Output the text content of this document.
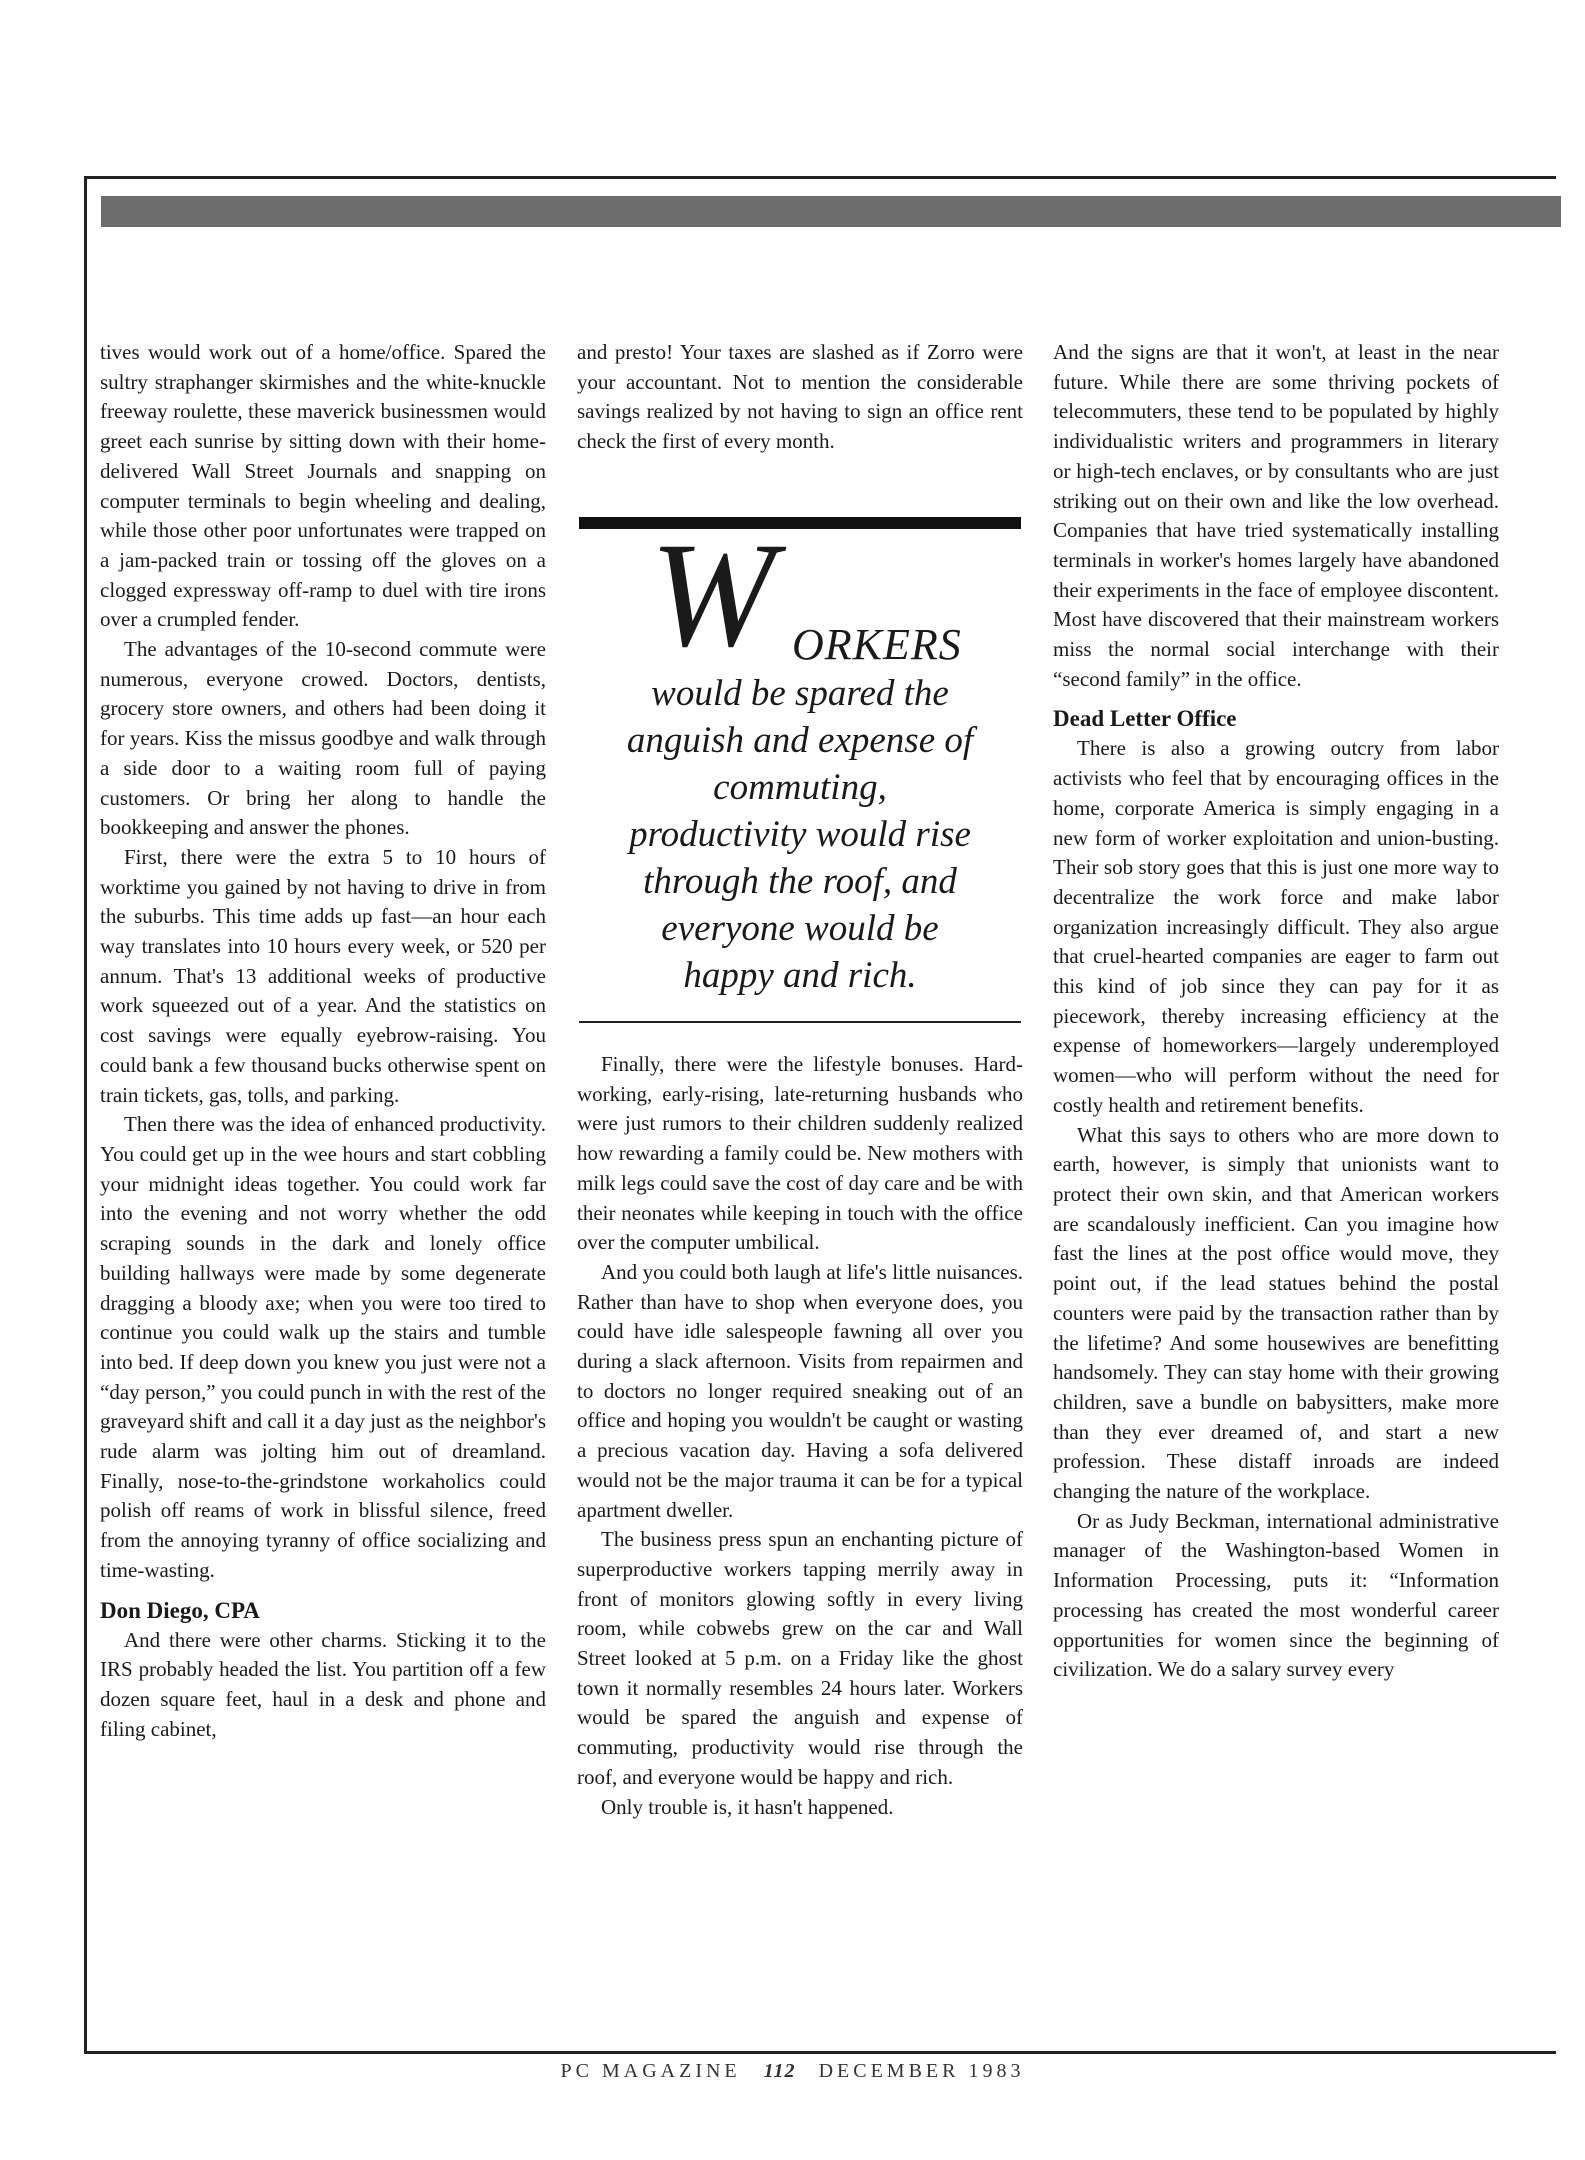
tives would work out of a home/office. Spared the sultry straphanger skirmishes and the white-knuckle freeway roulette, these maverick businessmen would greet each sunrise by sitting down with their home-delivered Wall Street Journals and snapping on computer terminals to begin wheeling and dealing, while those other poor unfortunates were trapped on a jam-packed train or tossing off the gloves on a clogged expressway off-ramp to duel with tire irons over a crumpled fender.

The advantages of the 10-second commute were numerous, everyone crowed. Doctors, dentists, grocery store owners, and others had been doing it for years. Kiss the missus goodbye and walk through a side door to a waiting room full of paying customers. Or bring her along to handle the bookkeeping and answer the phones.

First, there were the extra 5 to 10 hours of worktime you gained by not having to drive in from the suburbs. This time adds up fast—an hour each way translates into 10 hours every week, or 520 per annum. That's 13 additional weeks of productive work squeezed out of a year. And the statistics on cost savings were equally eyebrow-raising. You could bank a few thousand bucks otherwise spent on train tickets, gas, tolls, and parking.

Then there was the idea of enhanced productivity. You could get up in the wee hours and start cobbling your midnight ideas together. You could work far into the evening and not worry whether the odd scraping sounds in the dark and lonely office building hallways were made by some degenerate dragging a bloody axe; when you were too tired to continue you could walk up the stairs and tumble into bed. If deep down you knew you just were not a “day person,” you could punch in with the rest of the graveyard shift and call it a day just as the neighbor's rude alarm was jolting him out of dreamland. Finally, nose-to-the-grindstone workaholics could polish off reams of work in blissful silence, freed from the annoying tyranny of office socializing and time-wasting.

Don Diego, CPA

And there were other charms. Sticking it to the IRS probably headed the list. You partition off a few dozen square feet, haul in a desk and phone and filing cabinet,

and presto! Your taxes are slashed as if Zorro were your accountant. Not to mention the considerable savings realized by not having to sign an office rent check the first of every month.

W ORKERS
would be spared the
anguish and expense of
commuting,
productivity would rise
through the roof, and
everyone would be
happy and rich.

Finally, there were the lifestyle bonuses. Hard-working, early-rising, late-returning husbands who were just rumors to their children suddenly realized how rewarding a family could be. New mothers with milk legs could save the cost of day care and be with their neonates while keeping in touch with the office over the computer umbilical.

And you could both laugh at life's little nuisances. Rather than have to shop when everyone does, you could have idle salespeople fawning all over you during a slack afternoon. Visits from repairmen and to doctors no longer required sneaking out of an office and hoping you wouldn't be caught or wasting a precious vacation day. Having a sofa delivered would not be the major trauma it can be for a typical apartment dweller.

The business press spun an enchanting picture of superproductive workers tapping merrily away in front of monitors glowing softly in every living room, while cobwebs grew on the car and Wall Street looked at 5 p.m. on a Friday like the ghost town it normally resembles 24 hours later. Workers would be spared the anguish and expense of commuting, productivity would rise through the roof, and everyone would be happy and rich.

Only trouble is, it hasn't happened.

And the signs are that it won't, at least in the near future. While there are some thriving pockets of telecommuters, these tend to be populated by highly individualistic writers and programmers in literary or high-tech enclaves, or by consultants who are just striking out on their own and like the low overhead. Companies that have tried systematically installing terminals in worker's homes largely have abandoned their experiments in the face of employee discontent. Most have discovered that their mainstream workers miss the normal social interchange with their “second family” in the office.

Dead Letter Office

There is also a growing outcry from labor activists who feel that by encouraging offices in the home, corporate America is simply engaging in a new form of worker exploitation and union-busting. Their sob story goes that this is just one more way to decentralize the work force and make labor organization increasingly difficult. They also argue that cruel-hearted companies are eager to farm out this kind of job since they can pay for it as piecework, thereby increasing efficiency at the expense of homeworkers—largely underemployed women—who will perform without the need for costly health and retirement benefits.

What this says to others who are more down to earth, however, is simply that unionists want to protect their own skin, and that American workers are scandalously inefficient. Can you imagine how fast the lines at the post office would move, they point out, if the lead statues behind the postal counters were paid by the transaction rather than by the lifetime? And some housewives are benefitting handsomely. They can stay home with their growing children, save a bundle on babysitters, make more than they ever dreamed of, and start a new profession. These distaff inroads are indeed changing the nature of the workplace.

Or as Judy Beckman, international administrative manager of the Washington-based Women in Information Processing, puts it: “Information processing has created the most wonderful career opportunities for women since the beginning of civilization. We do a salary survey every

PC MAGAZINE 112 DECEMBER 1983
